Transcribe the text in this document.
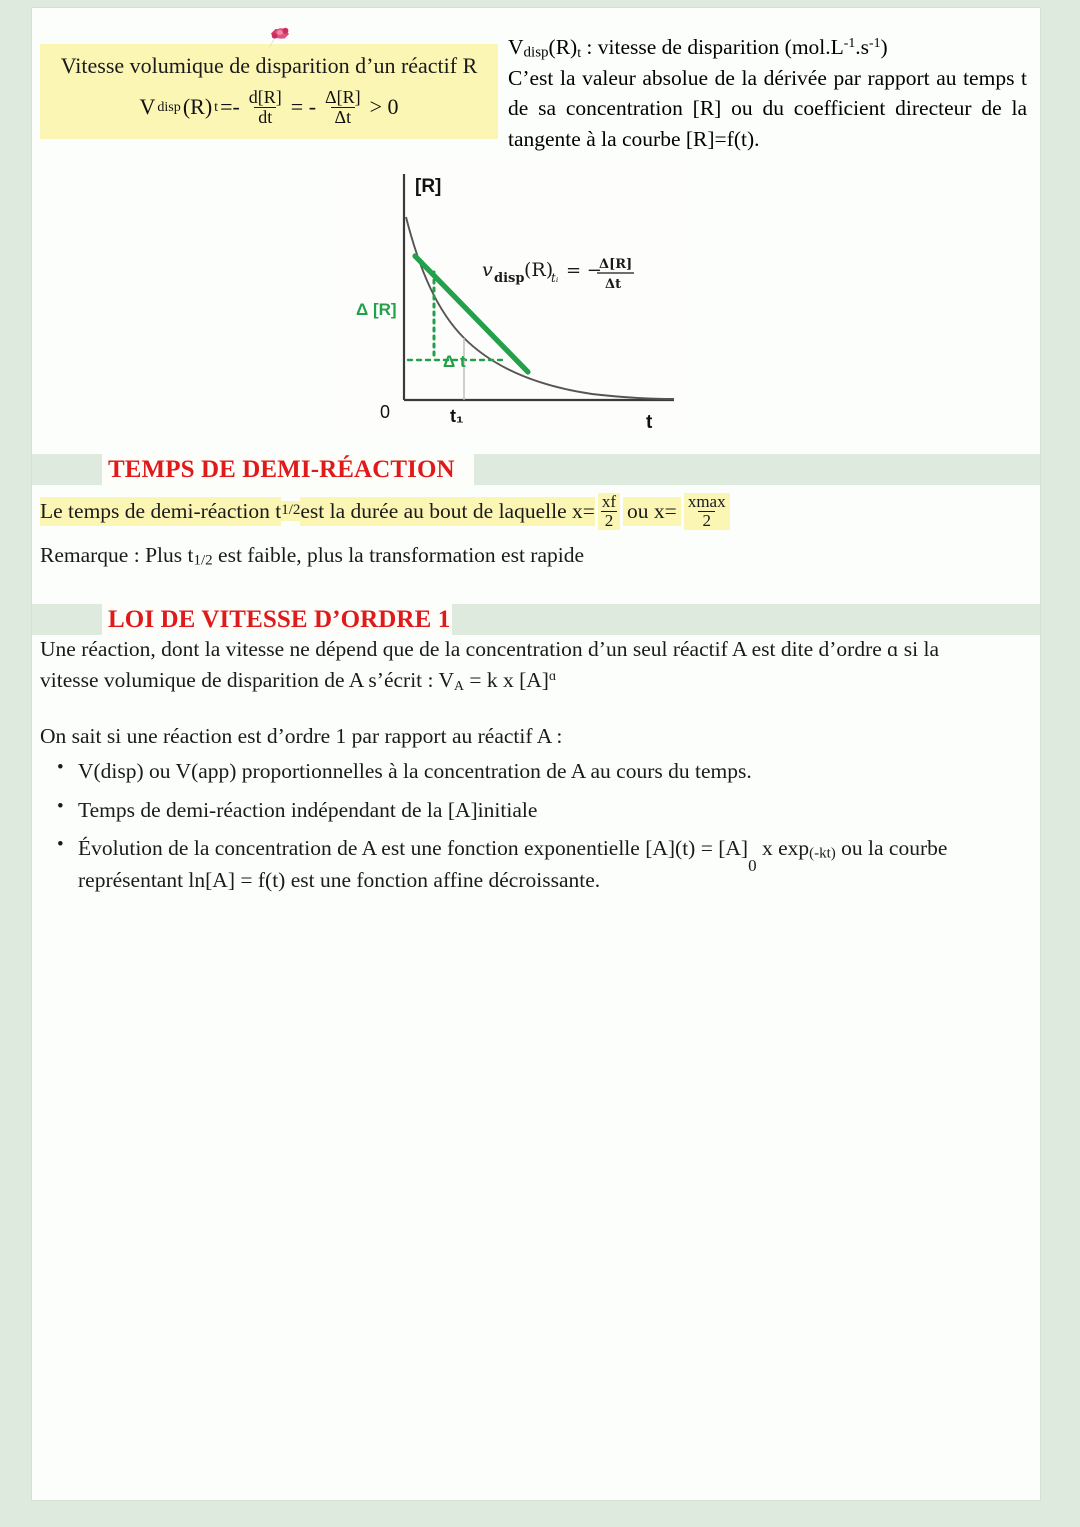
Vitesse volumique de disparition d’un réactif R
V disp (R) $t =- \frac{d[R]}{dt}$ = - $\frac{\Delta[R]}{\Delta t} > 0$
$Vdisp(R)_t$ : vitesse de disparition $(mol.L^{-1}.s^{-1})$
C’est la valeur absolue de la dérivée par rapport au temps t de sa concentration [R] ou du coefficient directeur de la tangente à la courbe [R]=f(t).
[R]
t
0	t₁
Δ [R]
Δ t
v disp (R)
tᵢ = −
Δ[R]
Δt
TEMPS DE DEMI-RÉACTION
Le temps de demi-réaction t 1/2 est la durée au bout de laquelle $x= \frac{xf}{2}$ ou $x= \frac{xmax}{2}$
Remarque : Plus t1/2 est faible, plus la transformation est rapide
LOI DE VITESSE D’ORDRE 1
Une réaction, dont la vitesse ne dépend que de la concentration d’un seul réactif A est dite d’ordre ɑ si la
vitesse volumique de disparition de A s’écrit : $V_A = k$ x $[A]^ɑ$
On sait si une réaction est d’ordre 1 par rapport au réactif A :
• V(disp) ou V(app) proportionnelles à la concentration de A au cours du temps.
• Temps de demi-réaction indépendant de la [A]initiale
• Évolution de la concentration de A est une fonction exponentielle [A](t) = [A]0 x exp(-kt) ou la courbe
représentant ln[A] = f(t) est une fonction affine décroissante.
